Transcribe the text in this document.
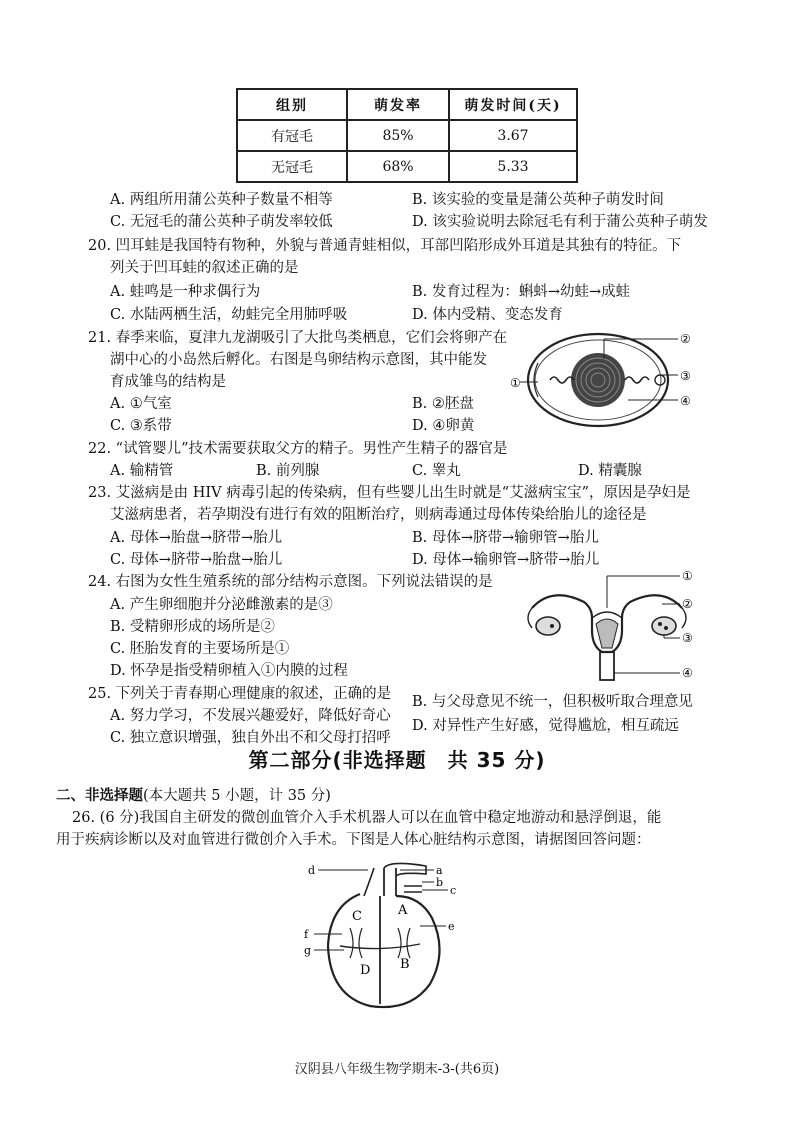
组别	萌发率	萌发时间(天)
有冠毛	85%	3.67
无冠毛	68%	5.33
A. 两组所用蒲公英种子数量不相等	B. 该实验的变量是蒲公英种子萌发时间
C. 无冠毛的蒲公英种子萌发率较低	D. 该实验说明去除冠毛有利于蒲公英种子萌发
20. 凹耳蛙是我国特有物种，外貌与普通青蛙相似，耳部凹陷形成外耳道是其独有的特征。下
列关于凹耳蛙的叙述正确的是
A. 蛙鸣是一种求偶行为	B. 发育过程为：蝌蚪→幼蛙→成蛙
C. 水陆两栖生活，幼蛙完全用肺呼吸	D. 体内受精、变态发育
21. 春季来临，夏津九龙湖吸引了大批鸟类栖息，它们会将卵产在
湖中心的小岛然后孵化。右图是鸟卵结构示意图，其中能发
育成雏鸟的结构是
A. ①气室	B. ②胚盘
C. ③系带	D. ④卵黄
①
②
③
④
22. “试管婴儿”技术需要获取父方的精子。男性产生精子的器官是
A. 输精管	B. 前列腺	C. 睾丸	D. 精囊腺
23. 艾滋病是由 HIV 病毒引起的传染病，但有些婴儿出生时就是“艾滋病宝宝”，原因是孕妇是
艾滋病患者，若孕期没有进行有效的阻断治疗，则病毒通过母体传染给胎儿的途径是
A. 母体→胎盘→脐带→胎儿	B. 母体→脐带→输卵管→胎儿
C. 母体→脐带→胎盘→胎儿	D. 母体→输卵管→脐带→胎儿
24. 右图为女性生殖系统的部分结构示意图。下列说法错误的是
A. 产生卵细胞并分泌雌激素的是③
B. 受精卵形成的场所是②
C. 胚胎发育的主要场所是①
D. 怀孕是指受精卵植入①内膜的过程
①
②
③
④
25. 下列关于青春期心理健康的叙述，正确的是
A. 努力学习，不发展兴趣爱好，降低好奇心
B. 与父母意见不统一，但积极听取合理意见
C. 独立意识增强，独自外出不和父母打招呼
D. 对异性产生好感，觉得尴尬，相互疏远
第二部分(非选择题　共 35 分)
二、非选择题(本大题共 5 小题，计 35 分)
26. (6 分)我国自主研发的微创血管介入手术机器人可以在血管中稳定地游动和悬浮倒退，能
用于疾病诊断以及对血管进行微创介入手术。下图是人体心脏结构示意图，请据图回答问题：
d	a
b
c
e
f
g
C	A
D B
汉阴县八年级生物学期末-3-(共6页)
